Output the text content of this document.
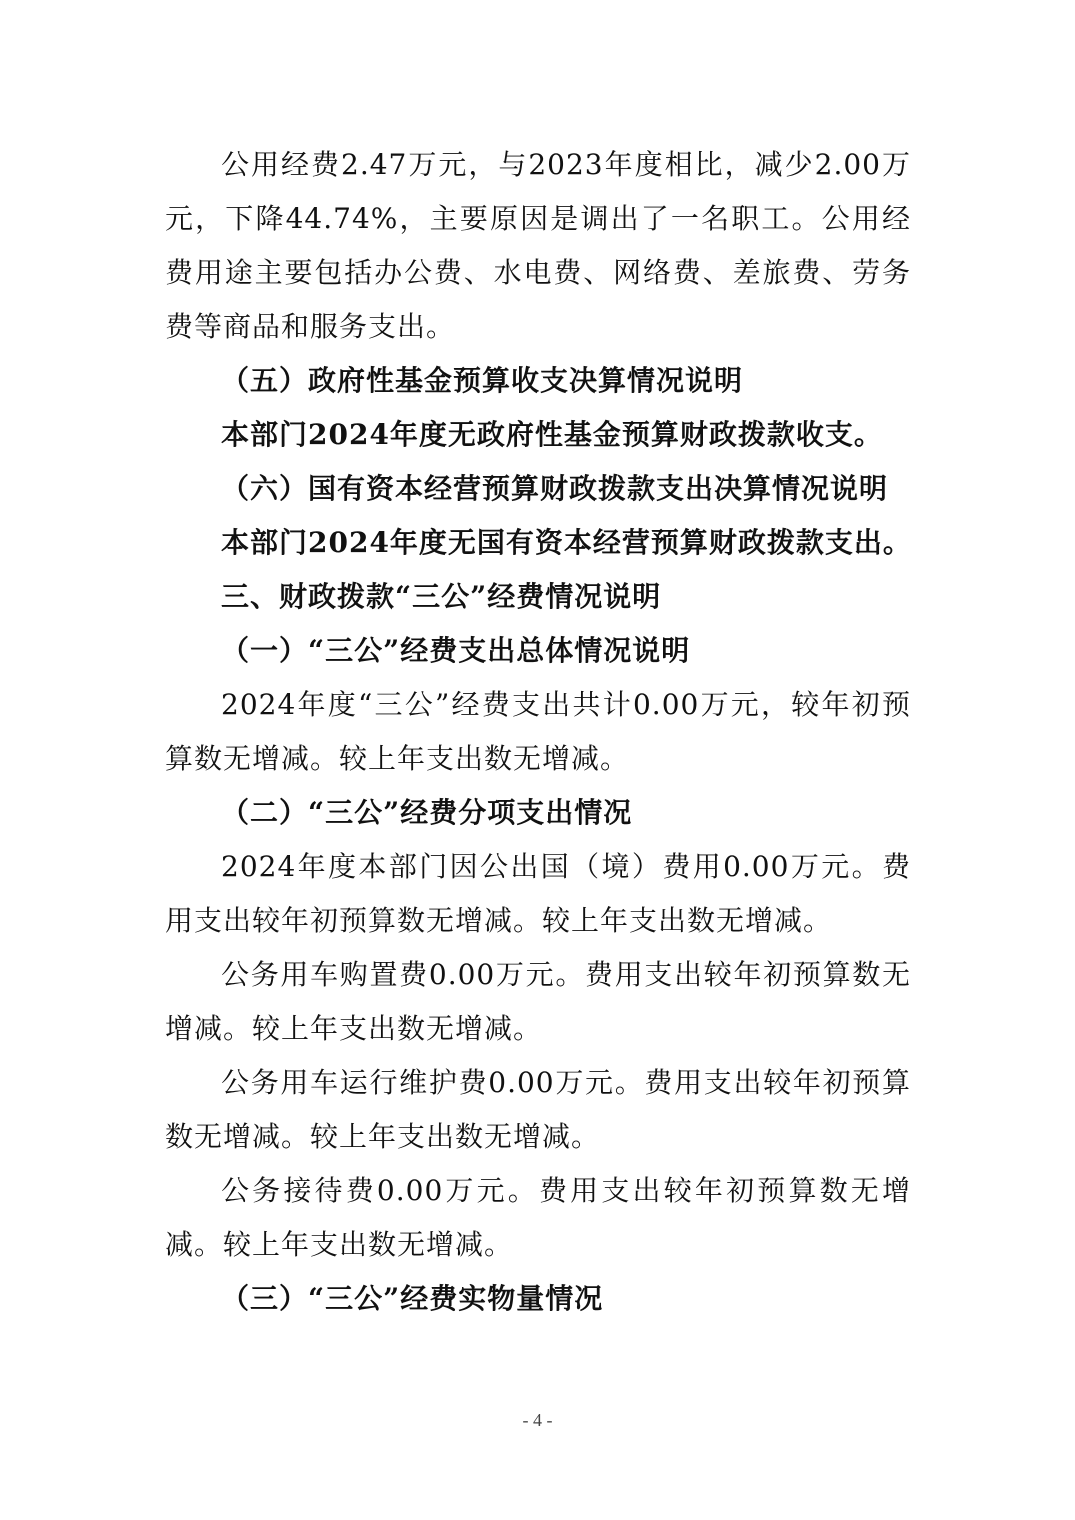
公用经费2.47万元，与2023年度相比，减少2.00万元，下降44.74%，主要原因是调出了一名职工。公用经费用途主要包括办公费、水电费、网络费、差旅费、劳务费等商品和服务支出。

（五）政府性基金预算收支决算情况说明

本部门2024年度无政府性基金预算财政拨款收支。

（六）国有资本经营预算财政拨款支出决算情况说明

本部门2024年度无国有资本经营预算财政拨款支出。

三、财政拨款“三公”经费情况说明

（一）“三公”经费支出总体情况说明

2024年度“三公”经费支出共计0.00万元，较年初预算数无增减。较上年支出数无增减。

（二）“三公”经费分项支出情况

2024年度本部门因公出国（境）费用0.00万元。费用支出较年初预算数无增减。较上年支出数无增减。

公务用车购置费0.00万元。费用支出较年初预算数无增减。较上年支出数无增减。

公务用车运行维护费0.00万元。费用支出较年初预算数无增减。较上年支出数无增减。

公务接待费0.00万元。费用支出较年初预算数无增减。较上年支出数无增减。

（三）“三公”经费实物量情况

- 4 -
